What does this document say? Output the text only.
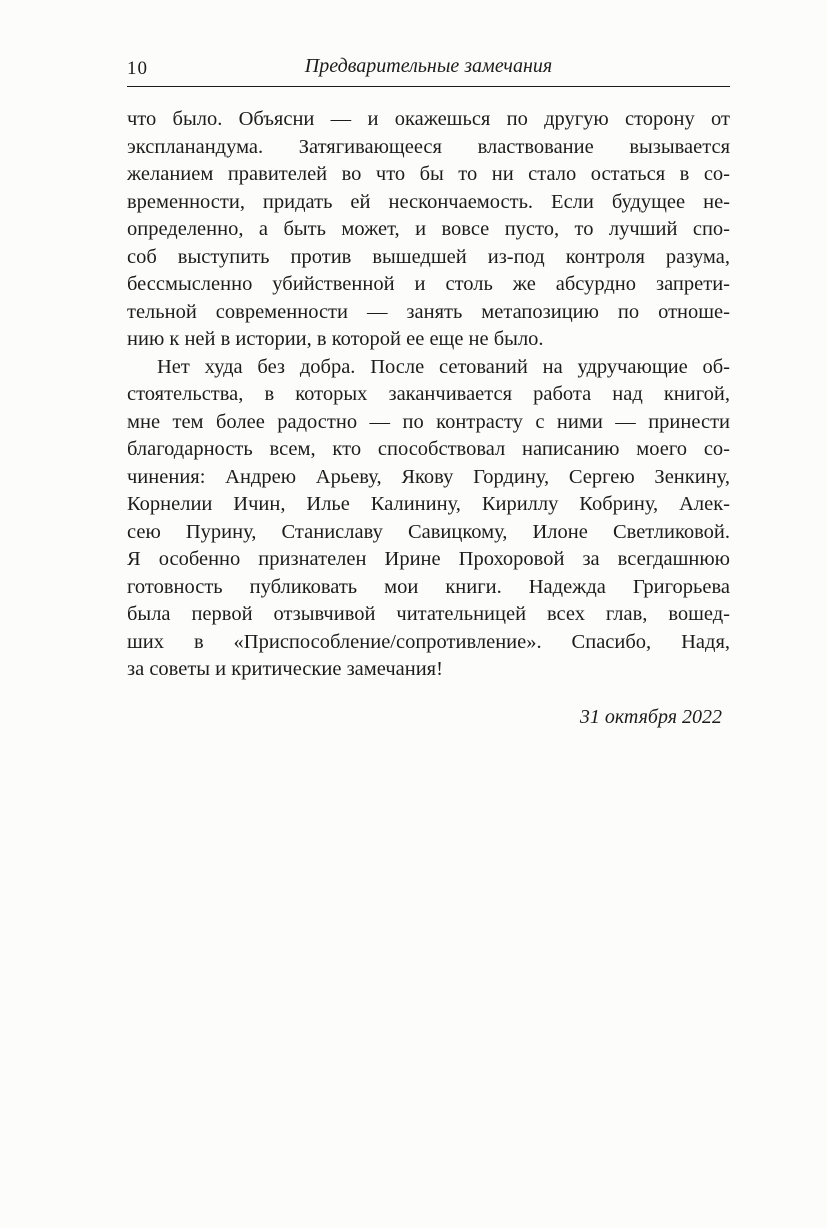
10	Предварительные замечания
что было. Объясни — и окажешься по другую сторону от
экспланандума. Затягивающееся властвование вызывается
желанием правителей во что бы то ни стало остаться в со-
временности, придать ей нескончаемость. Если будущее не-
определенно, а быть может, и вовсе пусто, то лучший спо-
соб выступить против вышедшей из-под контроля разума,
бессмысленно убийственной и столь же абсурдно запрети-
тельной современности — занять метапозицию по отноше-
нию к ней в истории, в которой ее еще не было.
Нет худа без добра. После сетований на удручающие об-
стоятельства, в которых заканчивается работа над книгой,
мне тем более радостно — по контрасту с ними — принести
благодарность всем, кто способствовал написанию моего со-
чинения: Андрею Арьеву, Якову Гордину, Сергею Зенкину,
Корнелии Ичин, Илье Калинину, Кириллу Кобрину, Алек-
сею Пурину, Станиславу Савицкому, Илоне Светликовой.
Я особенно признателен Ирине Прохоровой за всегдашнюю
готовность публиковать мои книги. Надежда Григорьева
была первой отзывчивой читательницей всех глав, вошед-
ших в «Приспособление/сопротивление». Спасибо, Надя,
за советы и критические замечания!
31 октября 2022
